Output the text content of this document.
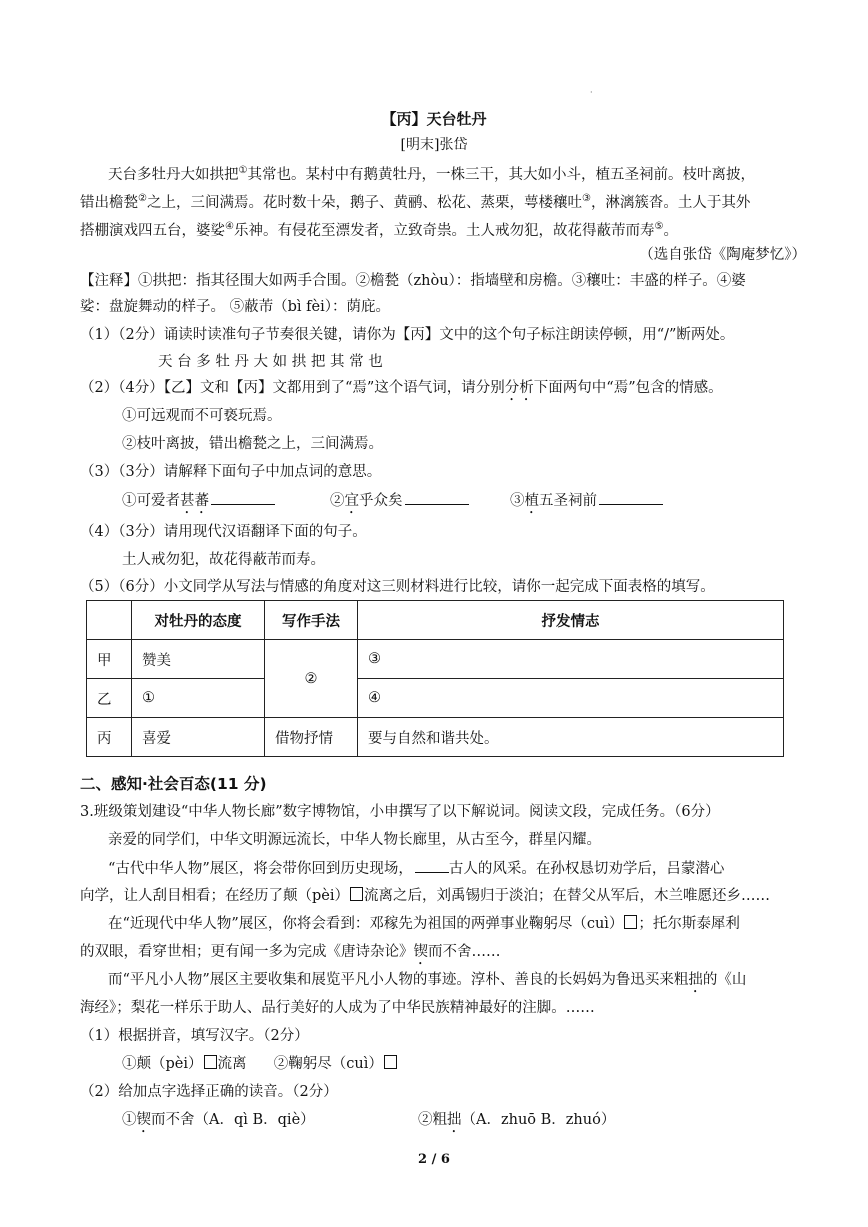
·
【丙】天台牡丹
[明末]张岱
天台多牡丹大如拱把①其常也。某村中有鹅黄牡丹，一株三干，其大如小斗，植五圣祠前。枝叶离披，
错出檐甃②之上，三间满焉。花时数十朵，鹅子、黄鹂、松花、蒸栗，萼楼穰吐③，淋漓簇沓。土人于其外
搭棚演戏四五台，婆娑④乐神。有侵花至漂发者，立致奇祟。土人戒勿犯，故花得蔽芾而寿⑤。
（选自张岱《陶庵梦忆》）
【注释】①拱把：指其径围大如两手合围。②檐甃（zhòu）：指墙壁和房檐。③穰吐：丰盛的样子。④婆
娑：盘旋舞动的样子。 ⑤蔽芾（bì fèi）：荫庇。
（1）（2分）诵读时读准句子节奏很关键，请你为【丙】文中的这个句子标注朗读停顿，用“/”断两处。
天 台 多 牡 丹 大 如 拱 把 其 常 也
（2）（4分）【乙】文和【丙】文都用到了“焉”这个语气词，请分别分析下面两句中“焉”包含的情感。
①可远观而不可亵玩焉。
②枝叶离披，错出檐甃之上，三间满焉。
（3）（3分）请解释下面句子中加点词的意思。
①可爱者甚蕃	②宜乎众矣	③植五圣祠前
（4）（3分）请用现代汉语翻译下面的句子。
土人戒勿犯，故花得蔽芾而寿。
（5）（6分）小文同学从写法与情感的角度对这三则材料进行比较，请你一起完成下面表格的填写。
	对牡丹的态度	写作手法	抒发情志
甲	赞美	②	③
乙	①		④
丙	喜爱	借物抒情	要与自然和谐共处。
二、感知·社会百态(11 分)
3.班级策划建设“中华人物长廊”数字博物馆，小申撰写了以下解说词。阅读文段，完成任务。（6分）
亲爱的同学们，中华文明源远流长，中华人物长廊里，从古至今，群星闪耀。
“古代中华人物”展区，将会带你回到历史现场， 古人的风采。在孙权恳切劝学后，吕蒙潜心
向学，让人刮目相看；在经历了颠（pèi） 流离之后，刘禹锡归于淡泊；在替父从军后，木兰唯愿还乡……
在“近现代中华人物”展区，你将会看到：邓稼先为祖国的两弹事业鞠躬尽（cuì） ；托尔斯泰犀利
的双眼，看穿世相；更有闻一多为完成《唐诗杂论》锲而不舍……
而“平凡小人物”展区主要收集和展览平凡小人物的事迹。淳朴、善良的长妈妈为鲁迅买来粗拙的《山
海经》；梨花一样乐于助人、品行美好的人成为了中华民族精神最好的注脚。……
（1）根据拼音，填写汉字。（2分）
①颠（pèi） 流离 ②鞠躬尽（cuì）
（2）给加点字选择正确的读音。（2分）
①锲而不舍（A．qì B．qiè）	②粗拙（A．zhuō B．zhuó）
2 / 6
